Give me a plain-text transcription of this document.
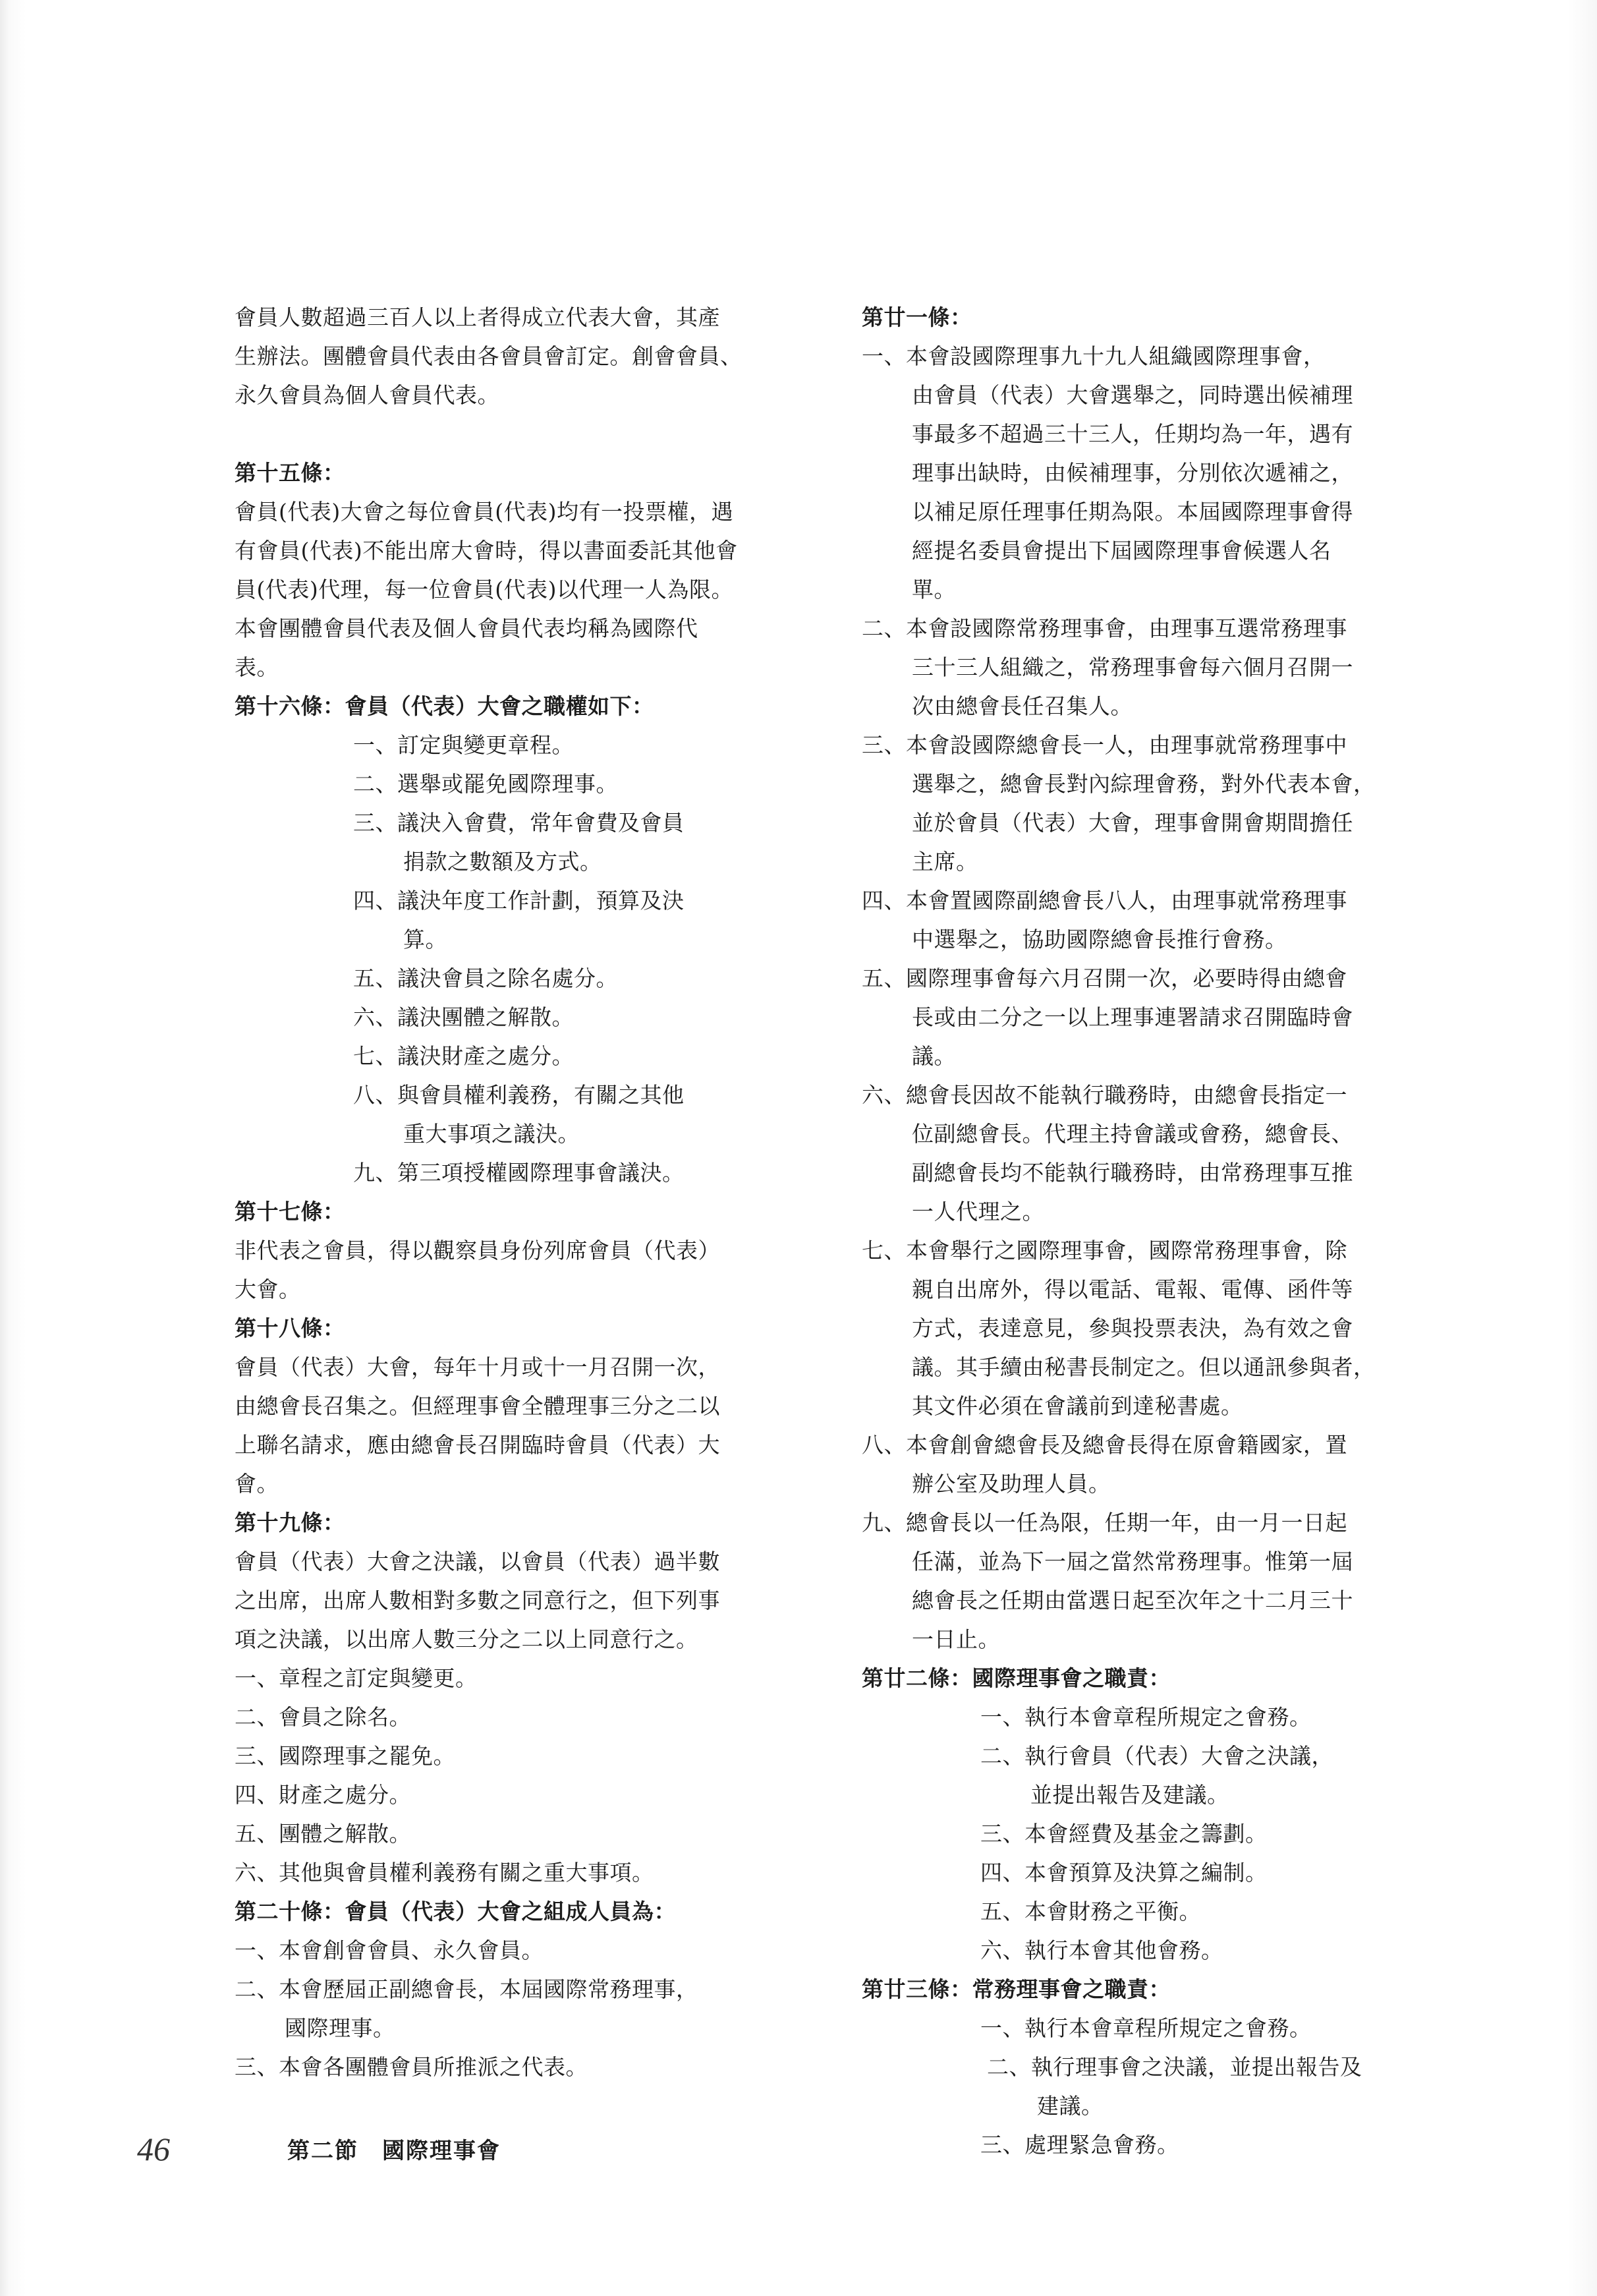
會員人數超過三百人以上者得成立代表大會，其產
生辦法。團體會員代表由各會員會訂定。創會會員、
永久會員為個人會員代表。
第十五條：
會員(代表)大會之每位會員(代表)均有一投票權，遇
有會員(代表)不能出席大會時，得以書面委託其他會
員(代表)代理，每一位會員(代表)以代理一人為限。
本會團體會員代表及個人會員代表均稱為國際代
表。
第十六條：會員（代表）大會之職權如下：
一、訂定與變更章程。
二、選舉或罷免國際理事。
三、議決入會費，常年會費及會員
捐款之數額及方式。
四、議決年度工作計劃，預算及決
算。
五、議決會員之除名處分。
六、議決團體之解散。
七、議決財產之處分。
八、與會員權利義務，有關之其他
重大事項之議決。
九、第三項授權國際理事會議決。
第十七條：
非代表之會員，得以觀察員身份列席會員（代表）
大會。
第十八條：
會員（代表）大會，每年十月或十一月召開一次，
由總會長召集之。但經理事會全體理事三分之二以
上聯名請求，應由總會長召開臨時會員（代表）大
會。
第十九條：
會員（代表）大會之決議，以會員（代表）過半數
之出席，出席人數相對多數之同意行之，但下列事
項之決議，以出席人數三分之二以上同意行之。
一、章程之訂定與變更。
二、會員之除名。
三、國際理事之罷免。
四、財產之處分。
五、團體之解散。
六、其他與會員權利義務有關之重大事項。
第二十條：會員（代表）大會之組成人員為：
一、本會創會會員、永久會員。
二、本會歷屆正副總會長，本屆國際常務理事，
國際理事。
三、本會各團體會員所推派之代表。
第廿一條：
一、本會設國際理事九十九人組織國際理事會，
由會員（代表）大會選舉之，同時選出候補理
事最多不超過三十三人，任期均為一年，遇有
理事出缺時，由候補理事，分別依次遞補之，
以補足原任理事任期為限。本屆國際理事會得
經提名委員會提出下屆國際理事會候選人名
單。
二、本會設國際常務理事會，由理事互選常務理事
三十三人組織之，常務理事會每六個月召開一
次由總會長任召集人。
三、本會設國際總會長一人，由理事就常務理事中
選舉之，總會長對內綜理會務，對外代表本會，
並於會員（代表）大會，理事會開會期間擔任
主席。
四、本會置國際副總會長八人，由理事就常務理事
中選舉之，協助國際總會長推行會務。
五、國際理事會每六月召開一次，必要時得由總會
長或由二分之一以上理事連署請求召開臨時會
議。
六、總會長因故不能執行職務時，由總會長指定一
位副總會長。代理主持會議或會務，總會長、
副總會長均不能執行職務時，由常務理事互推
一人代理之。
七、本會舉行之國際理事會，國際常務理事會，除
親自出席外，得以電話、電報、電傳、函件等
方式，表達意見，參與投票表決，為有效之會
議。其手續由秘書長制定之。但以通訊參與者，
其文件必須在會議前到達秘書處。
八、本會創會總會長及總會長得在原會籍國家，置
辦公室及助理人員。
九、總會長以一任為限，任期一年，由一月一日起
任滿，並為下一屆之當然常務理事。惟第一屆
總會長之任期由當選日起至次年之十二月三十
一日止。
第廿二條：國際理事會之職責：
一、執行本會章程所規定之會務。
二、執行會員（代表）大會之決議，
並提出報告及建議。
三、本會經費及基金之籌劃。
四、本會預算及決算之編制。
五、本會財務之平衡。
六、執行本會其他會務。
第廿三條：常務理事會之職責：
一、執行本會章程所規定之會務。
二、執行理事會之決議，並提出報告及
建議。
三、處理緊急會務。
46	第二節　國際理事會
